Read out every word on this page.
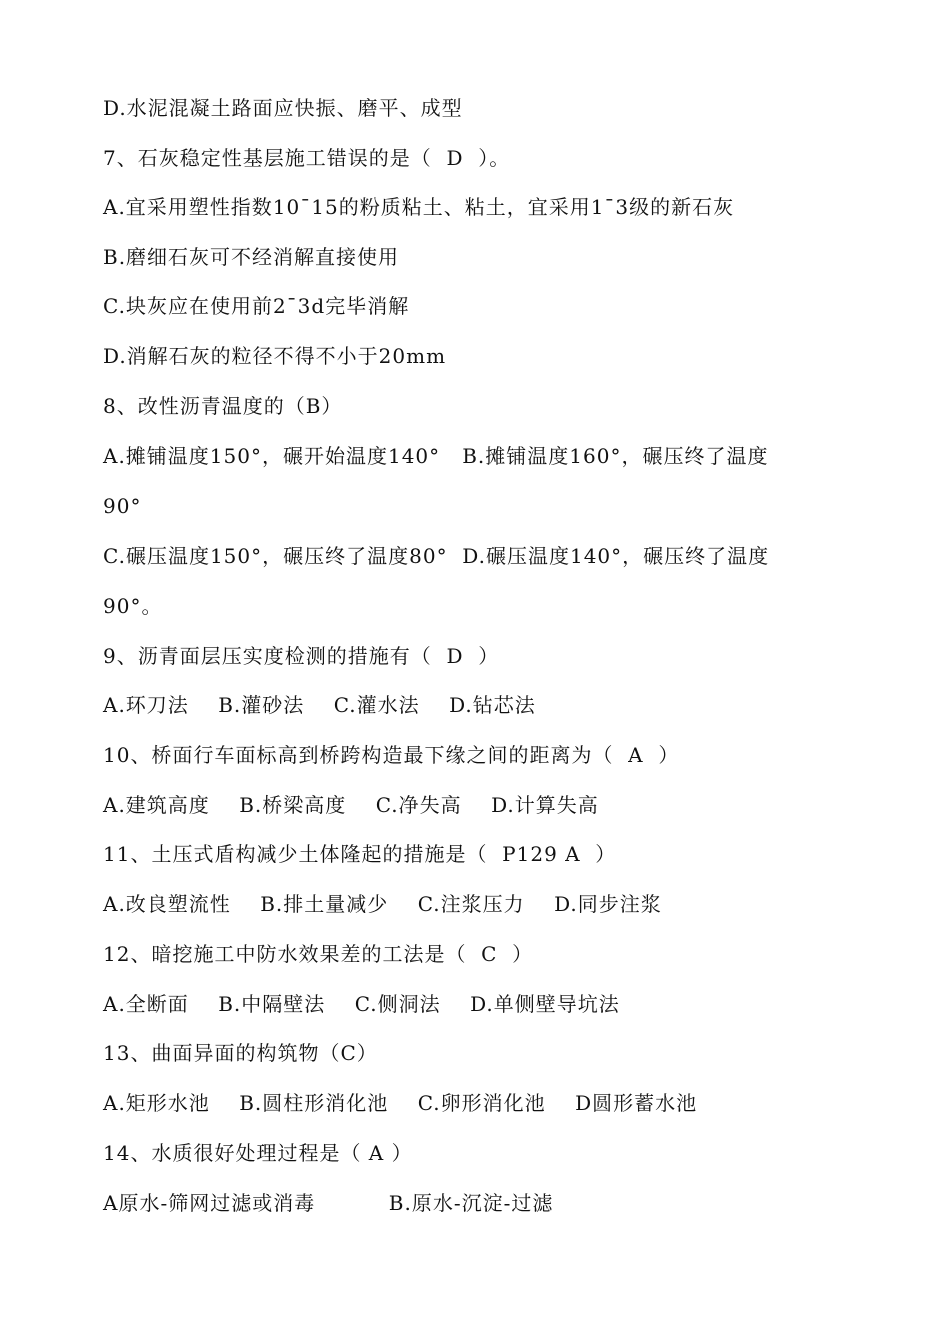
D.水泥混凝土路面应快振、磨平、成型
7、石灰稳定性基层施工错误的是（  D  ）。
A.宜采用塑性指数10ˉ15的粉质粘土、粘土，宜采用1ˉ3级的新石灰
B.磨细石灰可不经消解直接使用
C.块灰应在使用前2ˉ3d完毕消解
D.消解石灰的粒径不得不小于20mm
8、改性沥青温度的（B）
A.摊铺温度150°，碾开始温度140°   B.摊铺温度160°，碾压终了温度
90°
C.碾压温度150°，碾压终了温度80°  D.碾压温度140°，碾压终了温度
90°。
9、沥青面层压实度检测的措施有（  D  ）
A.环刀法    B.灌砂法    C.灌水法    D.钻芯法
10、桥面行车面标高到桥跨构造最下缘之间的距离为（  A  ）
A.建筑高度    B.桥梁高度    C.净失高    D.计算失高
11、土压式盾构减少土体隆起的措施是（  P129 A  ）
A.改良塑流性    B.排土量减少    C.注浆压力    D.同步注浆
12、暗挖施工中防水效果差的工法是（  C  ）
A.全断面    B.中隔壁法    C.侧洞法    D.单侧壁导坑法
13、曲面异面的构筑物（C）
A.矩形水池    B.圆柱形消化池    C.卵形消化池    D圆形蓄水池
14、水质很好处理过程是（ A ）
A原水-筛网过滤或消毒          B.原水-沉淀-过滤
